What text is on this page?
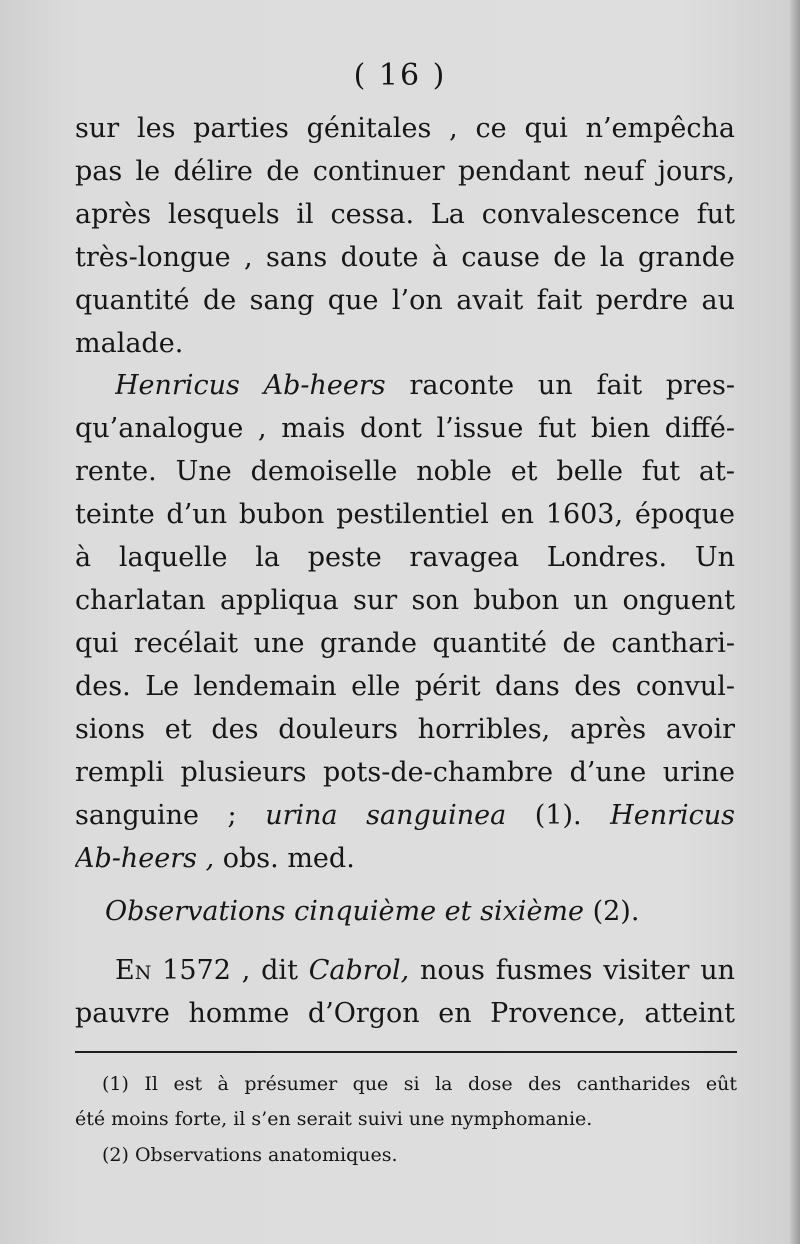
( 16 )
sur les parties génitales , ce qui n’empêcha
pas le délire de continuer pendant neuf jours,
après lesquels il cessa. La convalescence fut
très-longue , sans doute à cause de la grande
quantité de sang que l’on avait fait perdre au
malade.
Henricus Ab-heers raconte un fait pres-
qu’analogue , mais dont l’issue fut bien diffé-
rente. Une demoiselle noble et belle fut at-
teinte d’un bubon pestilentiel en 1603, époque
à laquelle la peste ravagea Londres. Un
charlatan appliqua sur son bubon un onguent
qui recélait une grande quantité de canthari-
des. Le lendemain elle périt dans des convul-
sions et des douleurs horribles, après avoir
rempli plusieurs pots-de-chambre d’une urine
sanguine ; urina sanguinea (1). Henricus
Ab-heers , obs. med.
Observations cinquième et sixième (2).
En 1572 , dit Cabrol, nous fusmes visiter un
pauvre homme d’Orgon en Provence, atteint
(1) Il est à présumer que si la dose des cantharides eût
été moins forte, il s’en serait suivi une nymphomanie.
(2) Observations anatomiques.
